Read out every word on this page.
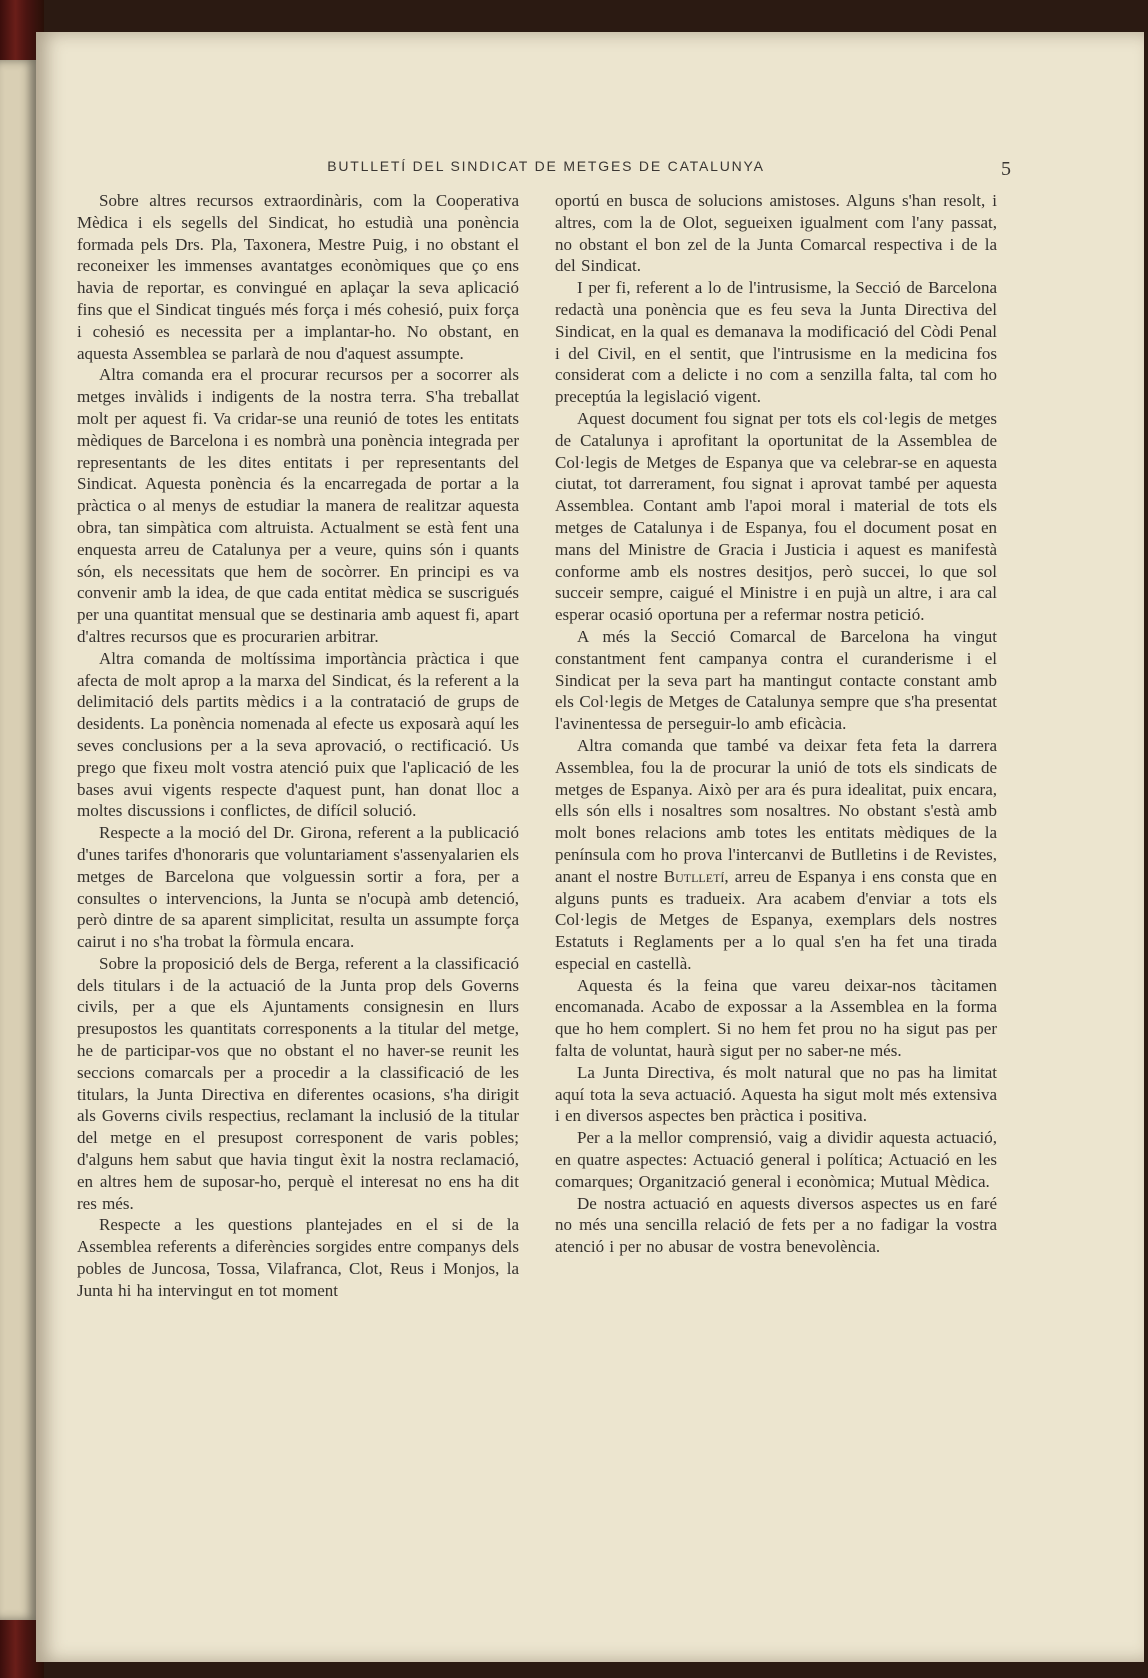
BUTLLETÍ DEL SINDICAT DE METGES DE CATALUNYA	5

Sobre altres recursos extraordinàris, com la Cooperativa Mèdica i els segells del Sindicat, ho estudià una ponència formada pels Drs. Pla, Taxonera, Mestre Puig, i no obstant el reconeixer les immenses avantatges econòmiques que ço ens havia de reportar, es convingué en aplaçar la seva aplicació fins que el Sindicat tingués més força i més cohesió, puix força i cohesió es necessita per a implantar-ho. No obstant, en aquesta Assemblea se parlarà de nou d'aquest assumpte.

Altra comanda era el procurar recursos per a socorrer als metges invàlids i indigents de la nostra terra. S'ha treballat molt per aquest fi. Va cridar-se una reunió de totes les entitats mèdiques de Barcelona i es nombrà una ponència integrada per representants de les dites entitats i per representants del Sindicat. Aquesta ponència és la encarregada de portar a la pràctica o al menys de estudiar la manera de realitzar aquesta obra, tan simpàtica com altruista. Actualment se està fent una enquesta arreu de Catalunya per a veure, quins són i quants són, els necessitats que hem de socòrrer. En principi es va convenir amb la idea, de que cada entitat mèdica se suscrigués per una quantitat mensual que se destinaria amb aquest fi, apart d'altres recursos que es procurarien arbitrar.

Altra comanda de moltíssima importància pràctica i que afecta de molt aprop a la marxa del Sindicat, és la referent a la delimitació dels partits mèdics i a la contratació de grups de desidents. La ponència nomenada al efecte us exposarà aquí les seves conclusions per a la seva aprovació, o rectificació. Us prego que fixeu molt vostra atenció puix que l'aplicació de les bases avui vigents respecte d'aquest punt, han donat lloc a moltes discussions i conflictes, de difícil solució.

Respecte a la moció del Dr. Girona, referent a la publicació d'unes tarifes d'honoraris que voluntariament s'assenyalarien els metges de Barcelona que volguessin sortir a fora, per a consultes o intervencions, la Junta se n'ocupà amb detenció, però dintre de sa aparent simplicitat, resulta un assumpte força cairut i no s'ha trobat la fòrmula encara.

Sobre la proposició dels de Berga, referent a la classificació dels titulars i de la actuació de la Junta prop dels Governs civils, per a que els Ajuntaments consignesin en llurs presupostos les quantitats corresponents a la titular del metge, he de participar-vos que no obstant el no haver-se reunit les seccions comarcals per a procedir a la classificació de les titulars, la Junta Directiva en diferentes ocasions, s'ha dirigit als Governs civils respectius, reclamant la inclusió de la titular del metge en el presupost corresponent de varis pobles; d'alguns hem sabut que havia tingut èxit la nostra reclamació, en altres hem de suposar-ho, perquè el interesat no ens ha dit res més.

Respecte a les questions plantejades en el si de la Assemblea referents a diferències sorgides entre companys dels pobles de Juncosa, Tossa, Vilafranca, Clot, Reus i Monjos, la Junta hi ha intervingut en tot moment

oportú en busca de solucions amistoses. Alguns s'han resolt, i altres, com la de Olot, segueixen igualment com l'any passat, no obstant el bon zel de la Junta Comarcal respectiva i de la del Sindicat.

I per fi, referent a lo de l'intrusisme, la Secció de Barcelona redactà una ponència que es feu seva la Junta Directiva del Sindicat, en la qual es demanava la modificació del Còdi Penal i del Civil, en el sentit, que l'intrusisme en la medicina fos considerat com a delicte i no com a senzilla falta, tal com ho preceptúa la legislació vigent.

Aquest document fou signat per tots els col·legis de metges de Catalunya i aprofitant la oportunitat de la Assemblea de Col·legis de Metges de Espanya que va celebrar-se en aquesta ciutat, tot darrerament, fou signat i aprovat també per aquesta Assemblea. Contant amb l'apoi moral i material de tots els metges de Catalunya i de Espanya, fou el document posat en mans del Ministre de Gracia i Justicia i aquest es manifestà conforme amb els nostres desitjos, però succei, lo que sol succeir sempre, caigué el Ministre i en pujà un altre, i ara cal esperar ocasió oportuna per a refermar nostra petició.

A més la Secció Comarcal de Barcelona ha vingut constantment fent campanya contra el curanderisme i el Sindicat per la seva part ha mantingut contacte constant amb els Col·legis de Metges de Catalunya sempre que s'ha presentat l'avinentessa de perseguir-lo amb eficàcia.

Altra comanda que també va deixar feta feta la darrera Assemblea, fou la de procurar la unió de tots els sindicats de metges de Espanya. Això per ara és pura idealitat, puix encara, ells són ells i nosaltres som nosaltres. No obstant s'està amb molt bones relacions amb totes les entitats mèdiques de la península com ho prova l'intercanvi de Butlletins i de Revistes, anant el nostre Butlletí, arreu de Espanya i ens consta que en alguns punts es tradueix. Ara acabem d'enviar a tots els Col·legis de Metges de Espanya, exemplars dels nostres Estatuts i Reglaments per a lo qual s'en ha fet una tirada especial en castellà.

Aquesta és la feina que vareu deixar-nos tàcitamen encomanada. Acabo de expossar a la Assemblea en la forma que ho hem complert. Si no hem fet prou no ha sigut pas per falta de voluntat, haurà sigut per no saber-ne més.

La Junta Directiva, és molt natural que no pas ha limitat aquí tota la seva actuació. Aquesta ha sigut molt més extensiva i en diversos aspectes ben pràctica i positiva.

Per a la mellor comprensió, vaig a dividir aquesta actuació, en quatre aspectes: Actuació general i política; Actuació en les comarques; Organització general i econòmica; Mutual Mèdica.

De nostra actuació en aquests diversos aspectes us en faré no més una sencilla relació de fets per a no fadigar la vostra atenció i per no abusar de vostra benevolència.
